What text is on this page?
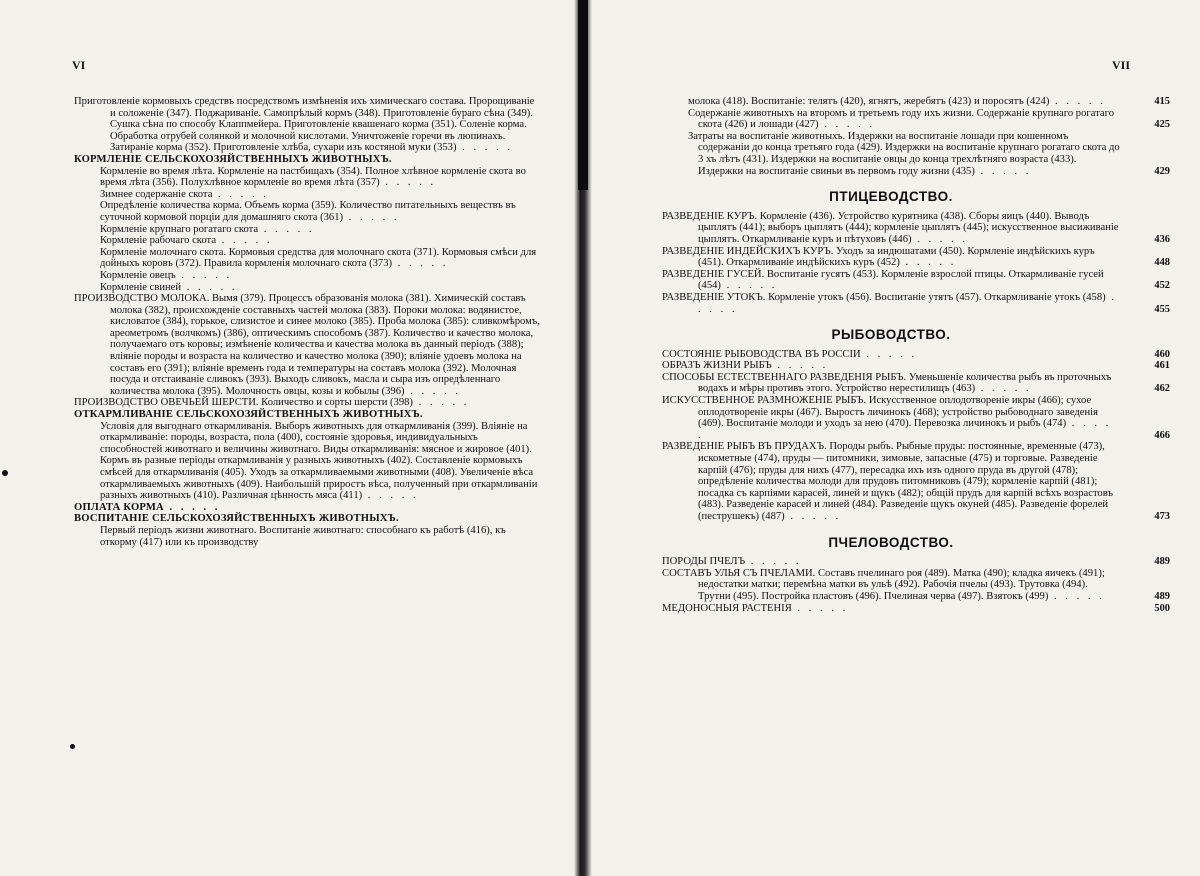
VI
Приготовленіе кормовыхъ средствъ посредствомъ измѣненія ихъ химическаго состава. Пророщиваніе и соложеніе (347). Поджариваніе. Самопрѣлый кормъ (348). Приготовленіе бураго сѣна (349). Сушка сѣна по способу Клаппмейера. Приготовленіе квашенаго корма (351). Соленіе корма. Обработка отрубей солянкой и молочной кислотами. Уничтоженіе горечи въ люпинахъ. Затираніе корма (352). Приготовленіе хлѣба, сухари изъ костяной муки (353) . . . . .
КОРМЛЕНІЕ СЕЛЬСКОХОЗЯЙСТВЕННЫХЪ ЖИВОТНЫХЪ.
Кормленіе во время лѣта. Кормленіе на пастбищахъ (354). Полное хлѣвное кормленіе скота во время лѣта (356). Полухлѣвное кормленіе во время лѣта (357) . . . . .
Зимнее содержаніе скота . . . . .
Опредѣленіе количества корма. Объемъ корма (359). Количество питательныхъ веществъ въ суточной кормовой порціи для домашняго скота (361) . . . . .
Кормленіе крупнаго рогатаго скота . . . . .
Кормленіе рабочаго скота . . . . .
Кормленіе молочнаго скота. Кормовыя средства для молочнаго скота (371). Кормовыя смѣси для дойныхъ коровъ (372). Правила кормленія молочнаго скота (373) . . . . .
Кормленіе овецъ . . . . .
Кормленіе свиней . . . . .
ПРОИЗВОДСТВО МОЛОКА. Вымя (379). Процессъ образованія молока (381). Химическій составъ молока (382), происхожденіе составныхъ частей молока (383). Пороки молока: водянистое, кисловатое (384), горькое, слизистое и синее молоко (385). Проба молока (385): сливкомѣромъ, ареометромъ (волчкомъ) (386), оптическимъ способомъ (387). Количество и качество молока, получаемаго отъ коровы; измѣненіе количества и качества молока въ данный періодъ (388); вліяніе породы и возраста на количество и качество молока (390); вліяніе удоевъ молока на составъ его (391); вліяніе временъ года и температуры на составъ молока (392). Молочная посуда и отстаиваніе сливокъ (393). Выходъ сливокъ, масла и сыра изъ опредѣленнаго количества молока (395). Молочность овцы, козы и кобылы (396) . . . . .
ПРОИЗВОДСТВО ОВЕЧЬЕЙ ШЕРСТИ. Количество и сорты шерсти (398) . . . . .
ОТКАРМЛИВАНІЕ СЕЛЬСКОХОЗЯЙСТВЕННЫХЪ ЖИВОТНЫХЪ.
Условія для выгоднаго откармливанія. Выборъ животныхъ для откармливанія (399). Вліяніе на откармливаніе: породы, возраста, пола (400), состояніе здоровья, индивидуальныхъ способностей животнаго и величины животнаго. Виды откармливанія: мясное и жировое (401). Кормъ въ разные періоды откармливанія у разныхъ животныхъ (402). Составленіе кормовыхъ смѣсей для откармливанія (405). Уходъ за откармливаемыми животными (408). Увеличеніе вѣса откармливаемыхъ животныхъ (409). Наибольшій приростъ вѣса, полученный при откармливаніи разныхъ животныхъ (410). Различная цѣнность мяса (411) . . . . .
ОПЛАТА КОРМА . . . . .
ВОСПИТАНІЕ СЕЛЬСКОХОЗЯЙСТВЕННЫХЪ ЖИВОТНЫХЪ.
Первый періодъ жизни животнаго. Воспитаніе животнаго: способнаго къ работѣ (416), къ откорму (417) или къ производству
VII
молока (418). Воспитаніе: телятъ (420), ягнятъ, жеребятъ (423) и поросятъ (424) . . . . .	415
Содержаніе животныхъ на второмъ и третьемъ году ихъ жизни. Содержаніе крупнаго рогатаго скота (426) и лошади (427) . . . . .	425
Затраты на воспитаніе животныхъ. Издержки на воспитаніе лошади при кошенномъ содержаніи до конца третьяго года (429). Издержки на воспитаніе крупнаго рогатаго скота до 3 хъ лѣтъ (431). Издержки на воспитаніе овцы до конца трехлѣтняго возраста (433). Издержки на воспитаніе свиньи въ первомъ году жизни (435) . . . . .	429
ПТИЦЕВОДСТВО.
РАЗВЕДЕНІЕ КУРЪ. Кормленіе (436). Устройство курятника (438). Сборы яицъ (440). Выводъ цыплятъ (441); выборъ цыплятъ (444); кормленіе цыплятъ (445); искусственное высиживаніе цыплятъ. Откармливаніе куръ и пѣтуховъ (446) . . . . .	436
РАЗВЕДЕНІЕ ИНДЕЙСКИХЪ КУРЪ. Уходъ за индюшатами (450). Кормленіе индѣйскихъ куръ (451). Откармливаніе индѣйскихъ куръ (452) . . . . .	448
РАЗВЕДЕНІЕ ГУСЕЙ. Воспитаніе гусятъ (453). Кормленіе взрослой птицы. Откармливаніе гусей (454) . . . . .	452
РАЗВЕДЕНІЕ УТОКЪ. Кормленіе утокъ (456). Воспитаніе утятъ (457). Откармливаніе утокъ (458) . . . . .	455
РЫБОВОДСТВО.
СОСТОЯНІЕ РЫБОВОДСТВА ВЪ РОССІИ . . . . .	460
ОБРАЗЪ ЖИЗНИ РЫБЪ . . . . .	461
СПОСОБЫ ЕСТЕСТВЕННАГО РАЗВЕДЕНІЯ РЫБЪ. Уменьшеніе количества рыбъ въ проточныхъ водахъ и мѣры противъ этого. Устройство нерестилищъ (463) . . . . .	462
ИСКУССТВЕННОЕ РАЗМНОЖЕНІЕ РЫБЪ. Искусственное оплодотвореніе икры (466); сухое оплодотвореніе икры (467). Выростъ личинокъ (468); устройство рыбоводнаго заведенія (469). Воспитаніе молоди и уходъ за нею (470). Перевозка личинокъ и рыбъ (474) . . . . .	466
РАЗВЕДЕНІЕ РЫБЪ ВЪ ПРУДАХЪ. Породы рыбъ. Рыбные пруды: постоянные, временные (473), искометные (474), пруды — питомники, зимовые, запасные (475) и торговые. Разведеніе карпій (476); пруды для нихъ (477), пересадка ихъ изъ одного пруда въ другой (478); опредѣленіе количества молоди для прудовъ питомниковъ (479); кормленіе карпій (481); посадка съ карпіями карасей, линей и щукъ (482); общій прудъ для карпій всѣхъ возрастовъ (483). Разведеніе карасей и линей (484). Разведеніе щукъ окуней (485). Разведеніе форелей (пеструшекъ) (487) . . . . .	473
ПЧЕЛОВОДСТВО.
ПОРОДЫ ПЧЕЛЪ . . . . .	489
СОСТАВЪ УЛЬЯ СЪ ПЧЕЛАМИ. Составъ пчелинаго роя (489). Матка (490); кладка яичекъ (491); недостатки матки; перемѣна матки въ ульѣ (492). Рабочія пчелы (493). Трутовка (494). Трутни (495). Постройка пластовъ (496). Пчелиная черва (497). Взятокъ (499) . . . . .	489
МЕДОНОСНЫЯ РАСТЕНІЯ . . . . .	500
